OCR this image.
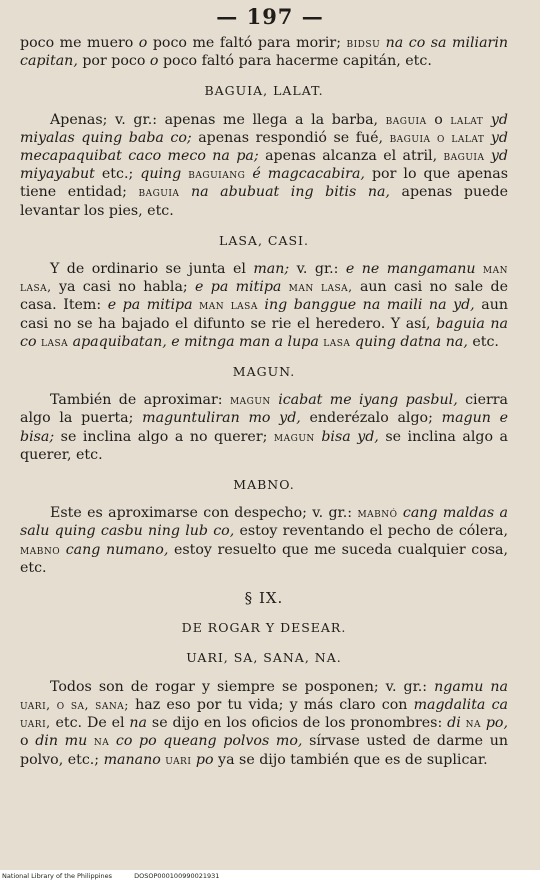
— 197 —

poco me muero o poco me faltó para morir; bidsu na co sa miliarin capitan, por poco o poco faltó para hacerme capitán, etc.

BAGUIA, LALAT.

Apenas; v. gr.: apenas me llega a la barba, baguia o lalat yd miyalas quing baba co; apenas respondió se fué, baguia o lalat yd mecapaquibat caco meco na pa; apenas alcanza el atril, baguia yd miyayabut etc.; quing baguiang é magcacabira, por lo que apenas tiene entidad; baguia na abubuat ing bitis na, apenas puede levantar los pies, etc.

LASA, CASI.

Y de ordinario se junta el man; v. gr.: e ne mangamanu man lasa, ya casi no habla; e pa mitipa man lasa, aun casi no sale de casa. Item: e pa mitipa man lasa ing banggue na maili na yd, aun casi no se ha bajado el difunto se rie el heredero. Y así, baguia na co lasa apaquibatan, e mitnga man a lupa lasa quing datna na, etc.

MAGUN.

También de aproximar: magun icabat me iyang pasbul, cierra algo la puerta; maguntuliran mo yd, enderézalo algo; magun e bisa; se inclina algo a no querer; magun bisa yd, se inclina algo a querer, etc.

MABNO.

Este es aproximarse con despecho; v. gr.: mabnó cang maldas a salu quing casbu ning lub co, estoy reventando el pecho de cólera, mabno cang numano, estoy resuelto que me suceda cualquier cosa, etc.

§ IX.
DE ROGAR Y DESEAR.
UARI, SA, SANA, NA.

Todos son de rogar y siempre se posponen; v. gr.: ngamu na uari, o sa, sana; haz eso por tu vida; y más claro con magdalita ca uari, etc. De el na se dijo en los oficios de los pronombres: di na po, o din mu na co po queang polvos mo, sírvase usted de darme un polvo, etc.; manano uari po ya se dijo también que es de suplicar.

National Library of the Philippines	DOSOP000100990021931
